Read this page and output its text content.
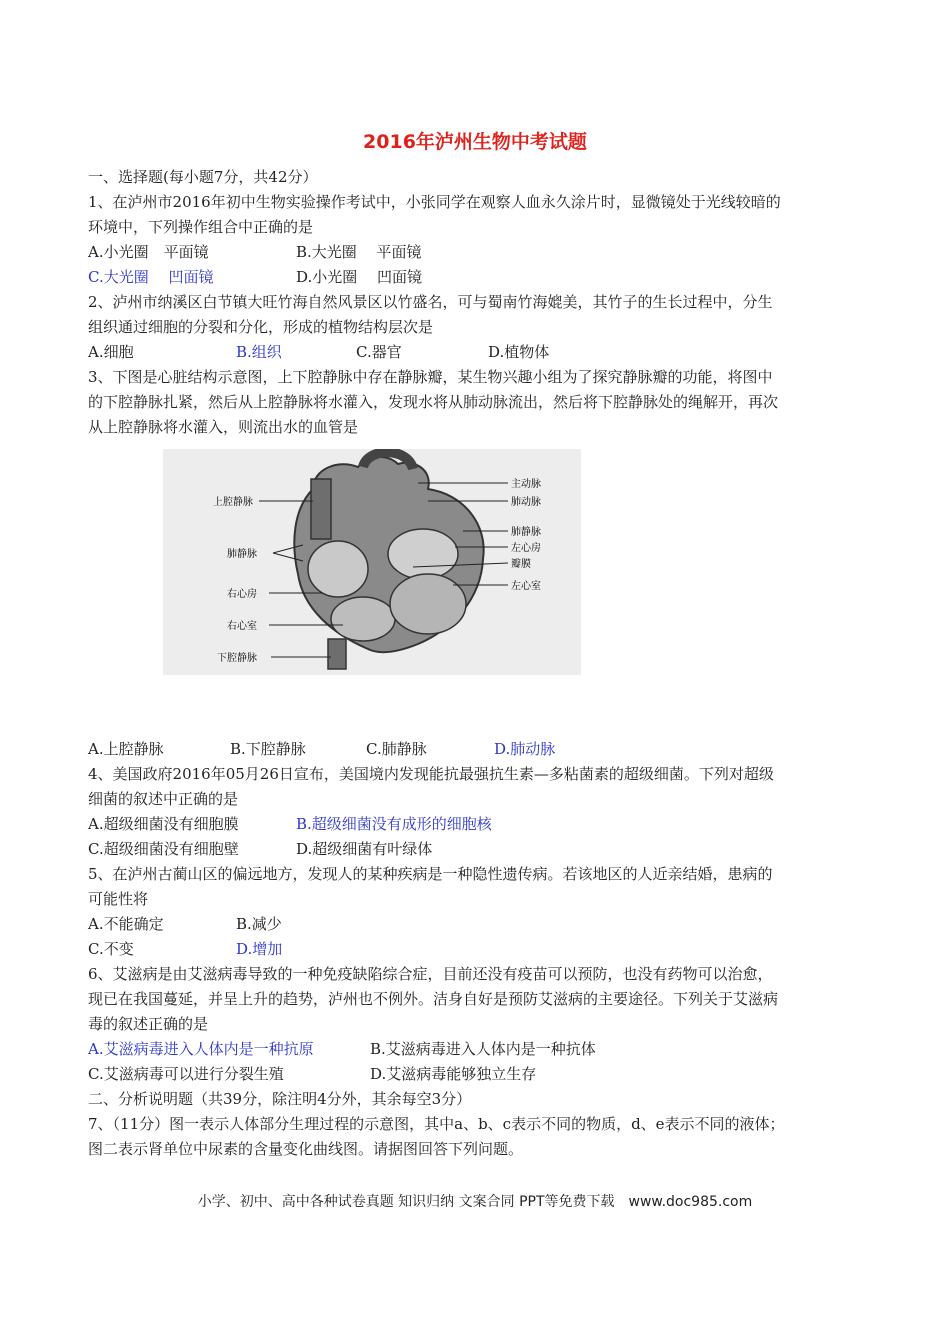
2016年泸州生物中考试题
一、选择题(每小题7分，共42分）
1、在泸州市2016年初中生物实验操作考试中，小张同学在观察人血永久涂片时，显微镜处于光线较暗的
环境中，下列操作组合中正确的是
A.小光圈　平面镜	B.大光圈　 平面镜
C.大光圈　 凹面镜	D.小光圈　 凹面镜
2、泸州市纳溪区白节镇大旺竹海自然风景区以竹盛名，可与蜀南竹海媲美，其竹子的生长过程中，分生
组织通过细胞的分裂和分化，形成的植物结构层次是
A.细胞	B.组织	C.器官	D.植物体
3、下图是心脏结构示意图，上下腔静脉中存在静脉瓣，某生物兴趣小组为了探究静脉瓣的功能，将图中
的下腔静脉扎紧，然后从上腔静脉将水灌入，发现水将从肺动脉流出，然后将下腔静脉处的绳解开，再次
从上腔静脉将水灌入，则流出水的血管是
上腔静脉
肺静脉
右心房
右心室
下腔静脉
主动脉
肺动脉
肺静脉
左心房
瓣膜
左心室
A.上腔静脉	B.下腔静脉	C.肺静脉	D.肺动脉
4、美国政府2016年05月26日宣布，美国境内发现能抗最强抗生素—多粘菌素的超级细菌。下列对超级
细菌的叙述中正确的是
A.超级细菌没有细胞膜	B.超级细菌没有成形的细胞核
C.超级细菌没有细胞壁	D.超级细菌有叶绿体
5、在泸州古蔺山区的偏远地方，发现人的某种疾病是一种隐性遗传病。若该地区的人近亲结婚，患病的
可能性将
A.不能确定	B.减少
C.不变	D.增加
6、艾滋病是由艾滋病毒导致的一种免疫缺陷综合症，目前还没有疫苗可以预防，也没有药物可以治愈，
现已在我国蔓延，并呈上升的趋势，泸州也不例外。洁身自好是预防艾滋病的主要途径。下列关于艾滋病
毒的叙述正确的是
A.艾滋病毒进入人体内是一种抗原	B.艾滋病毒进入人体内是一种抗体
C.艾滋病毒可以进行分裂生殖	D.艾滋病毒能够独立生存
二、分析说明题（共39分，除注明4分外，其余每空3分）
7、（11分）图一表示人体部分生理过程的示意图，其中a、b、c表示不同的物质，d、e表示不同的液体；
图二表示肾单位中尿素的含量变化曲线图。请据图回答下列问题。
小学、初中、高中各种试卷真题 知识归纳 文案合同 PPT等免费下载　www.doc985.com
